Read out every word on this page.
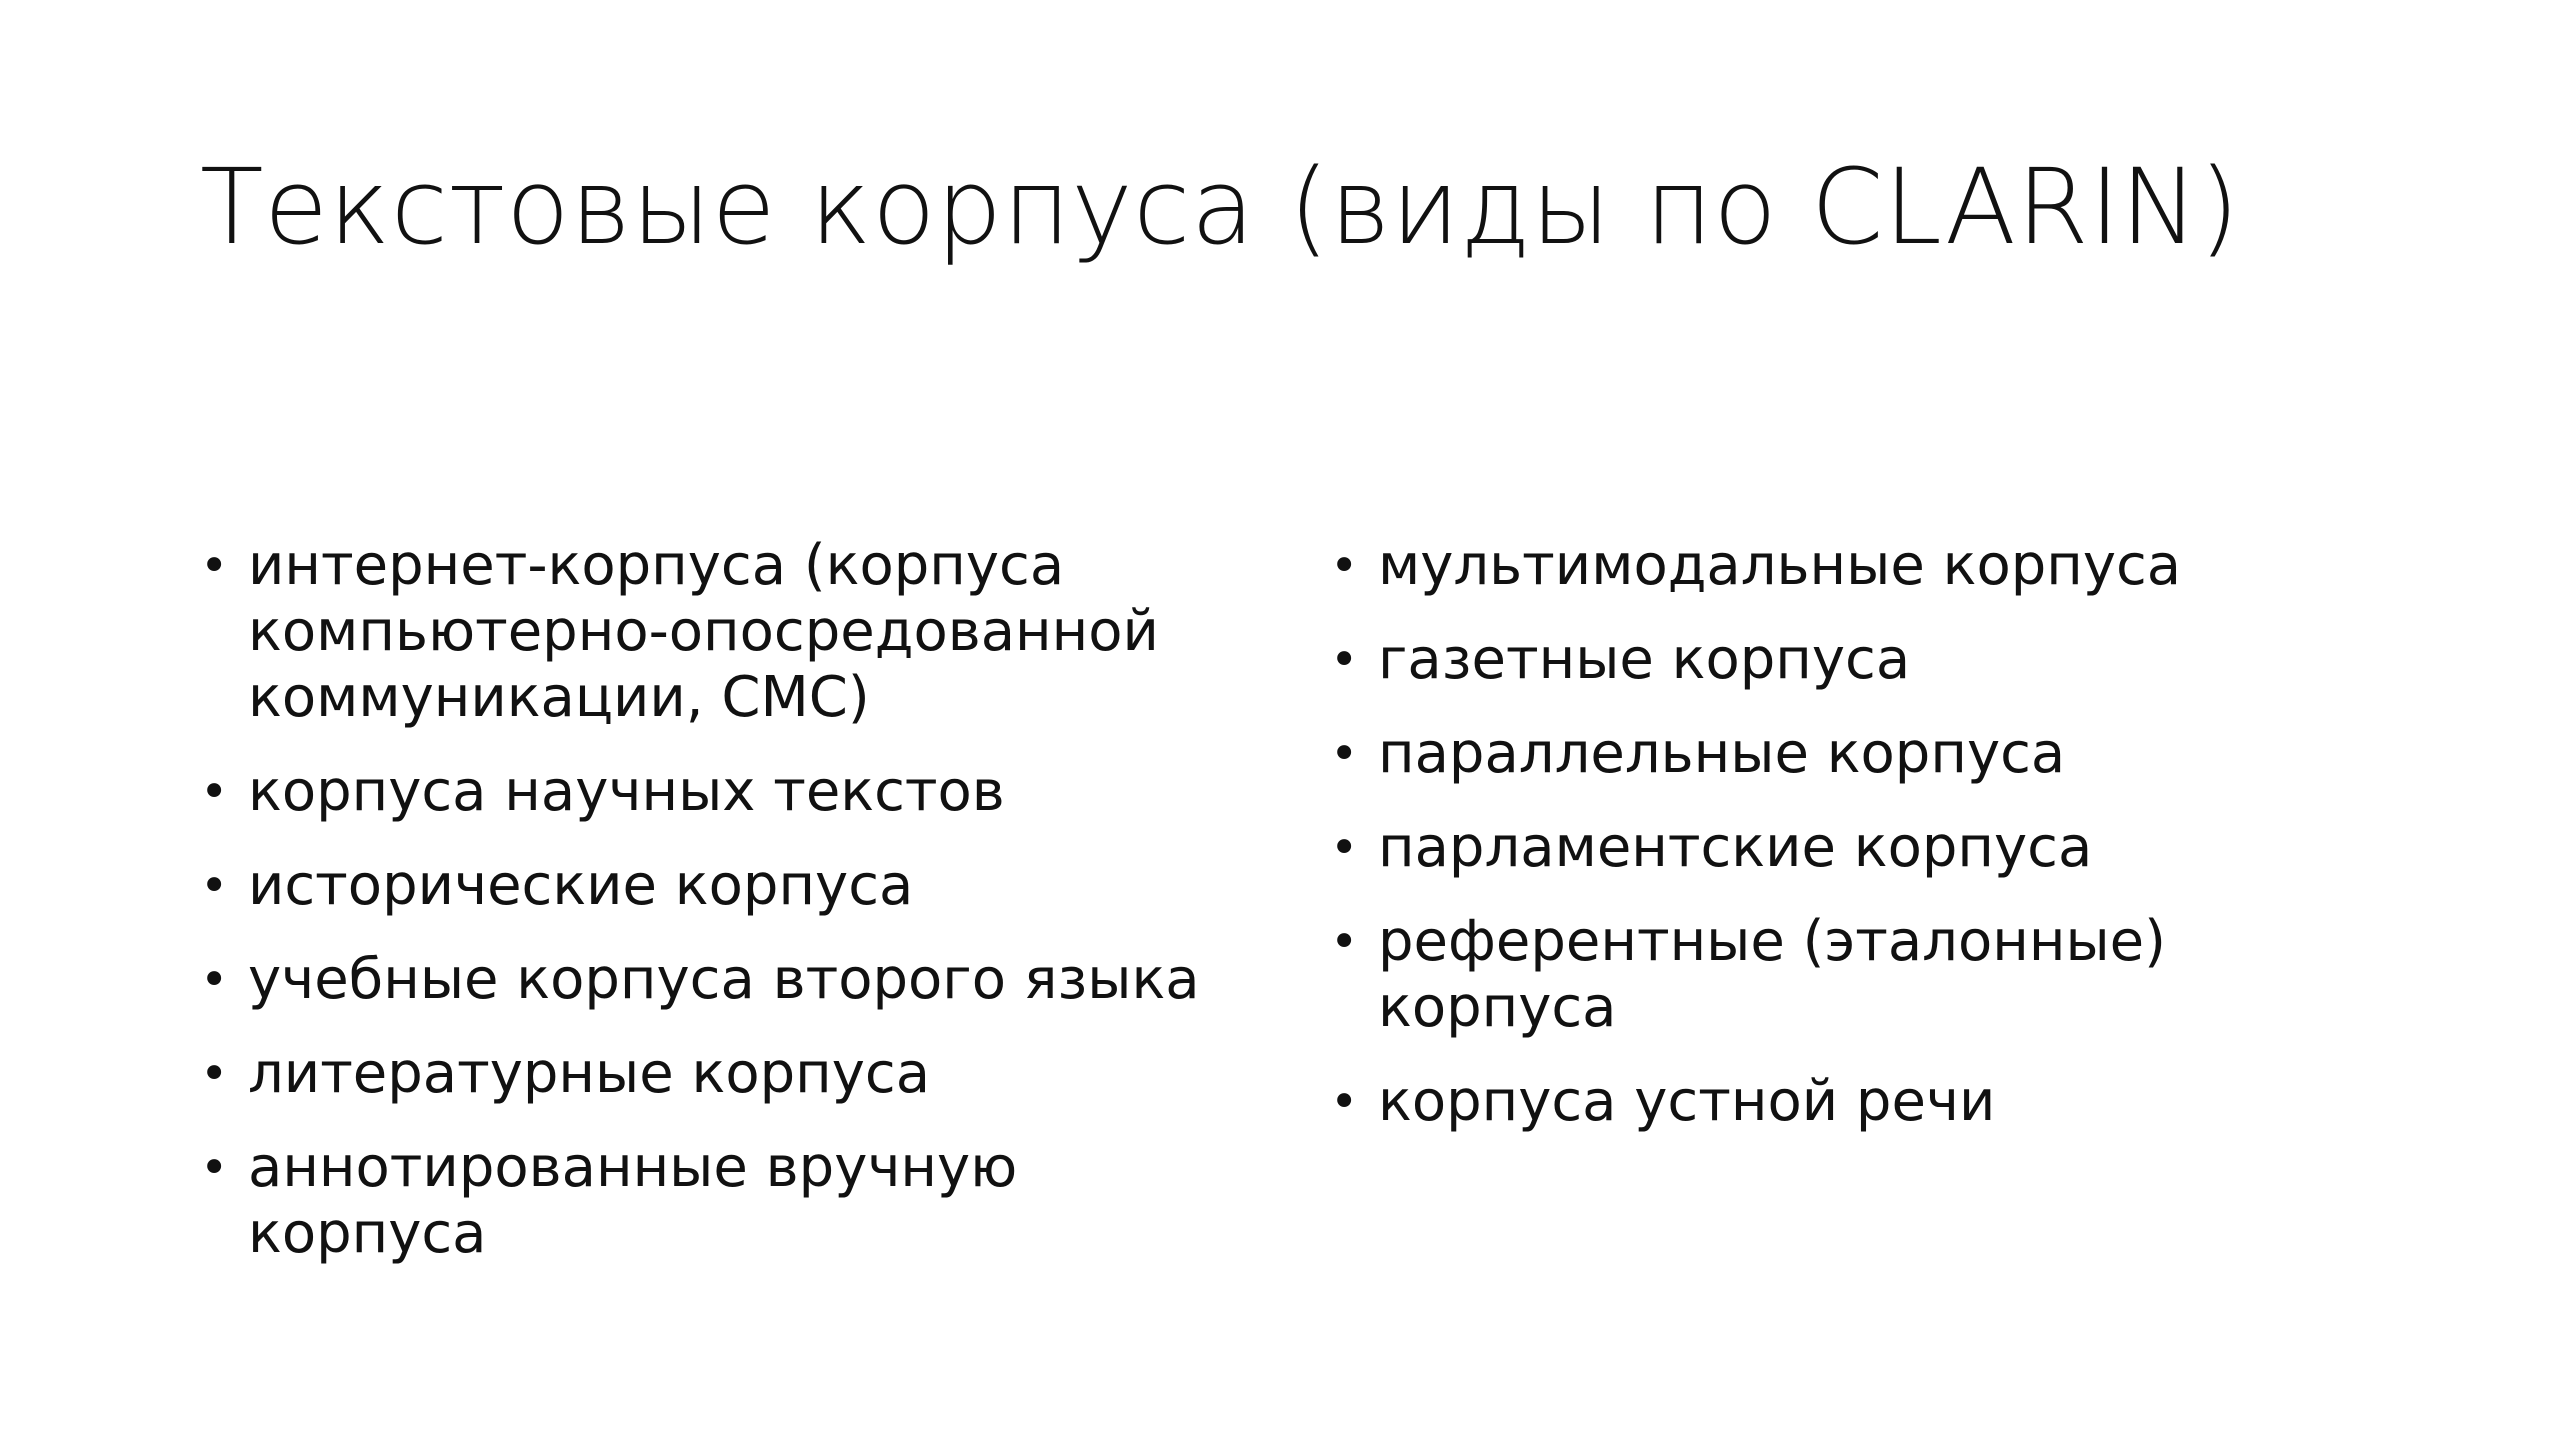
Текстовые корпуса (виды по CLARIN)
• интернет-корпуса (корпуса компьютерно-опосредованной коммуникации, СМС)
• корпуса научных текстов
• исторические корпуса
• учебные корпуса второго языка
• литературные корпуса
• аннотированные вручную корпуса
• мультимодальные корпуса
• газетные корпуса
• параллельные корпуса
• парламентские корпуса
• референтные (эталонные) корпуса
• корпуса устной речи
